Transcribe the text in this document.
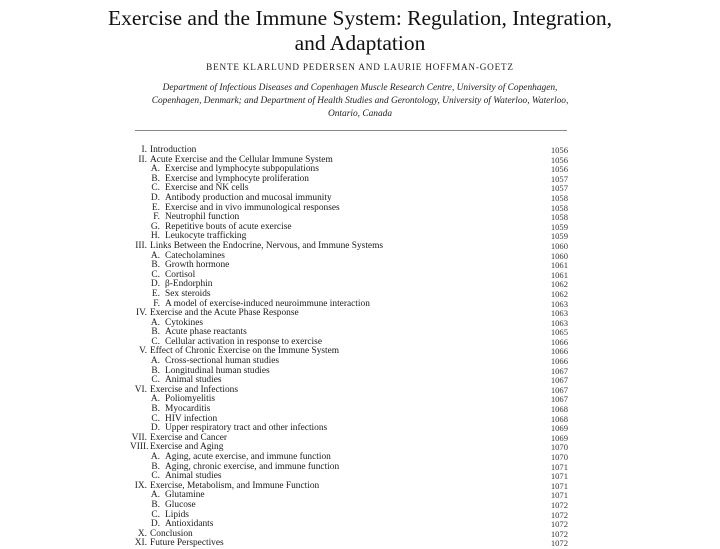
Exercise and the Immune System: Regulation, Integration,
and Adaptation
BENTE KLARLUND PEDERSEN AND LAURIE HOFFMAN-GOETZ
Department of Infectious Diseases and Copenhagen Muscle Research Centre, University of Copenhagen,
Copenhagen, Denmark; and Department of Health Studies and Gerontology, University of Waterloo, Waterloo,
Ontario, Canada
I. Introduction	1056
II. Acute Exercise and the Cellular Immune System	1056
A. Exercise and lymphocyte subpopulations	1056
B. Exercise and lymphocyte proliferation	1057
C. Exercise and NK cells	1057
D. Antibody production and mucosal immunity	1058
E. Exercise and in vivo immunological responses	1058
F. Neutrophil function	1058
G. Repetitive bouts of acute exercise	1059
H. Leukocyte trafficking	1059
III. Links Between the Endocrine, Nervous, and Immune Systems	1060
A. Catecholamines	1060
B. Growth hormone	1061
C. Cortisol	1061
D. β-Endorphin	1062
E. Sex steroids	1062
F. A model of exercise-induced neuroimmune interaction	1063
IV. Exercise and the Acute Phase Response	1063
A. Cytokines	1063
B. Acute phase reactants	1065
C. Cellular activation in response to exercise	1066
V. Effect of Chronic Exercise on the Immune System	1066
A. Cross-sectional human studies	1066
B. Longitudinal human studies	1067
C. Animal studies	1067
VI. Exercise and Infections	1067
A. Poliomyelitis	1067
B. Myocarditis	1068
C. HIV infection	1068
D. Upper respiratory tract and other infections	1069
VII. Exercise and Cancer	1069
VIII. Exercise and Aging	1070
A. Aging, acute exercise, and immune function	1070
B. Aging, chronic exercise, and immune function	1071
C. Animal studies	1071
IX. Exercise, Metabolism, and Immune Function	1071
A. Glutamine	1071
B. Glucose	1072
C. Lipids	1072
D. Antioxidants	1072
X. Conclusion	1072
XI. Future Perspectives	1072
